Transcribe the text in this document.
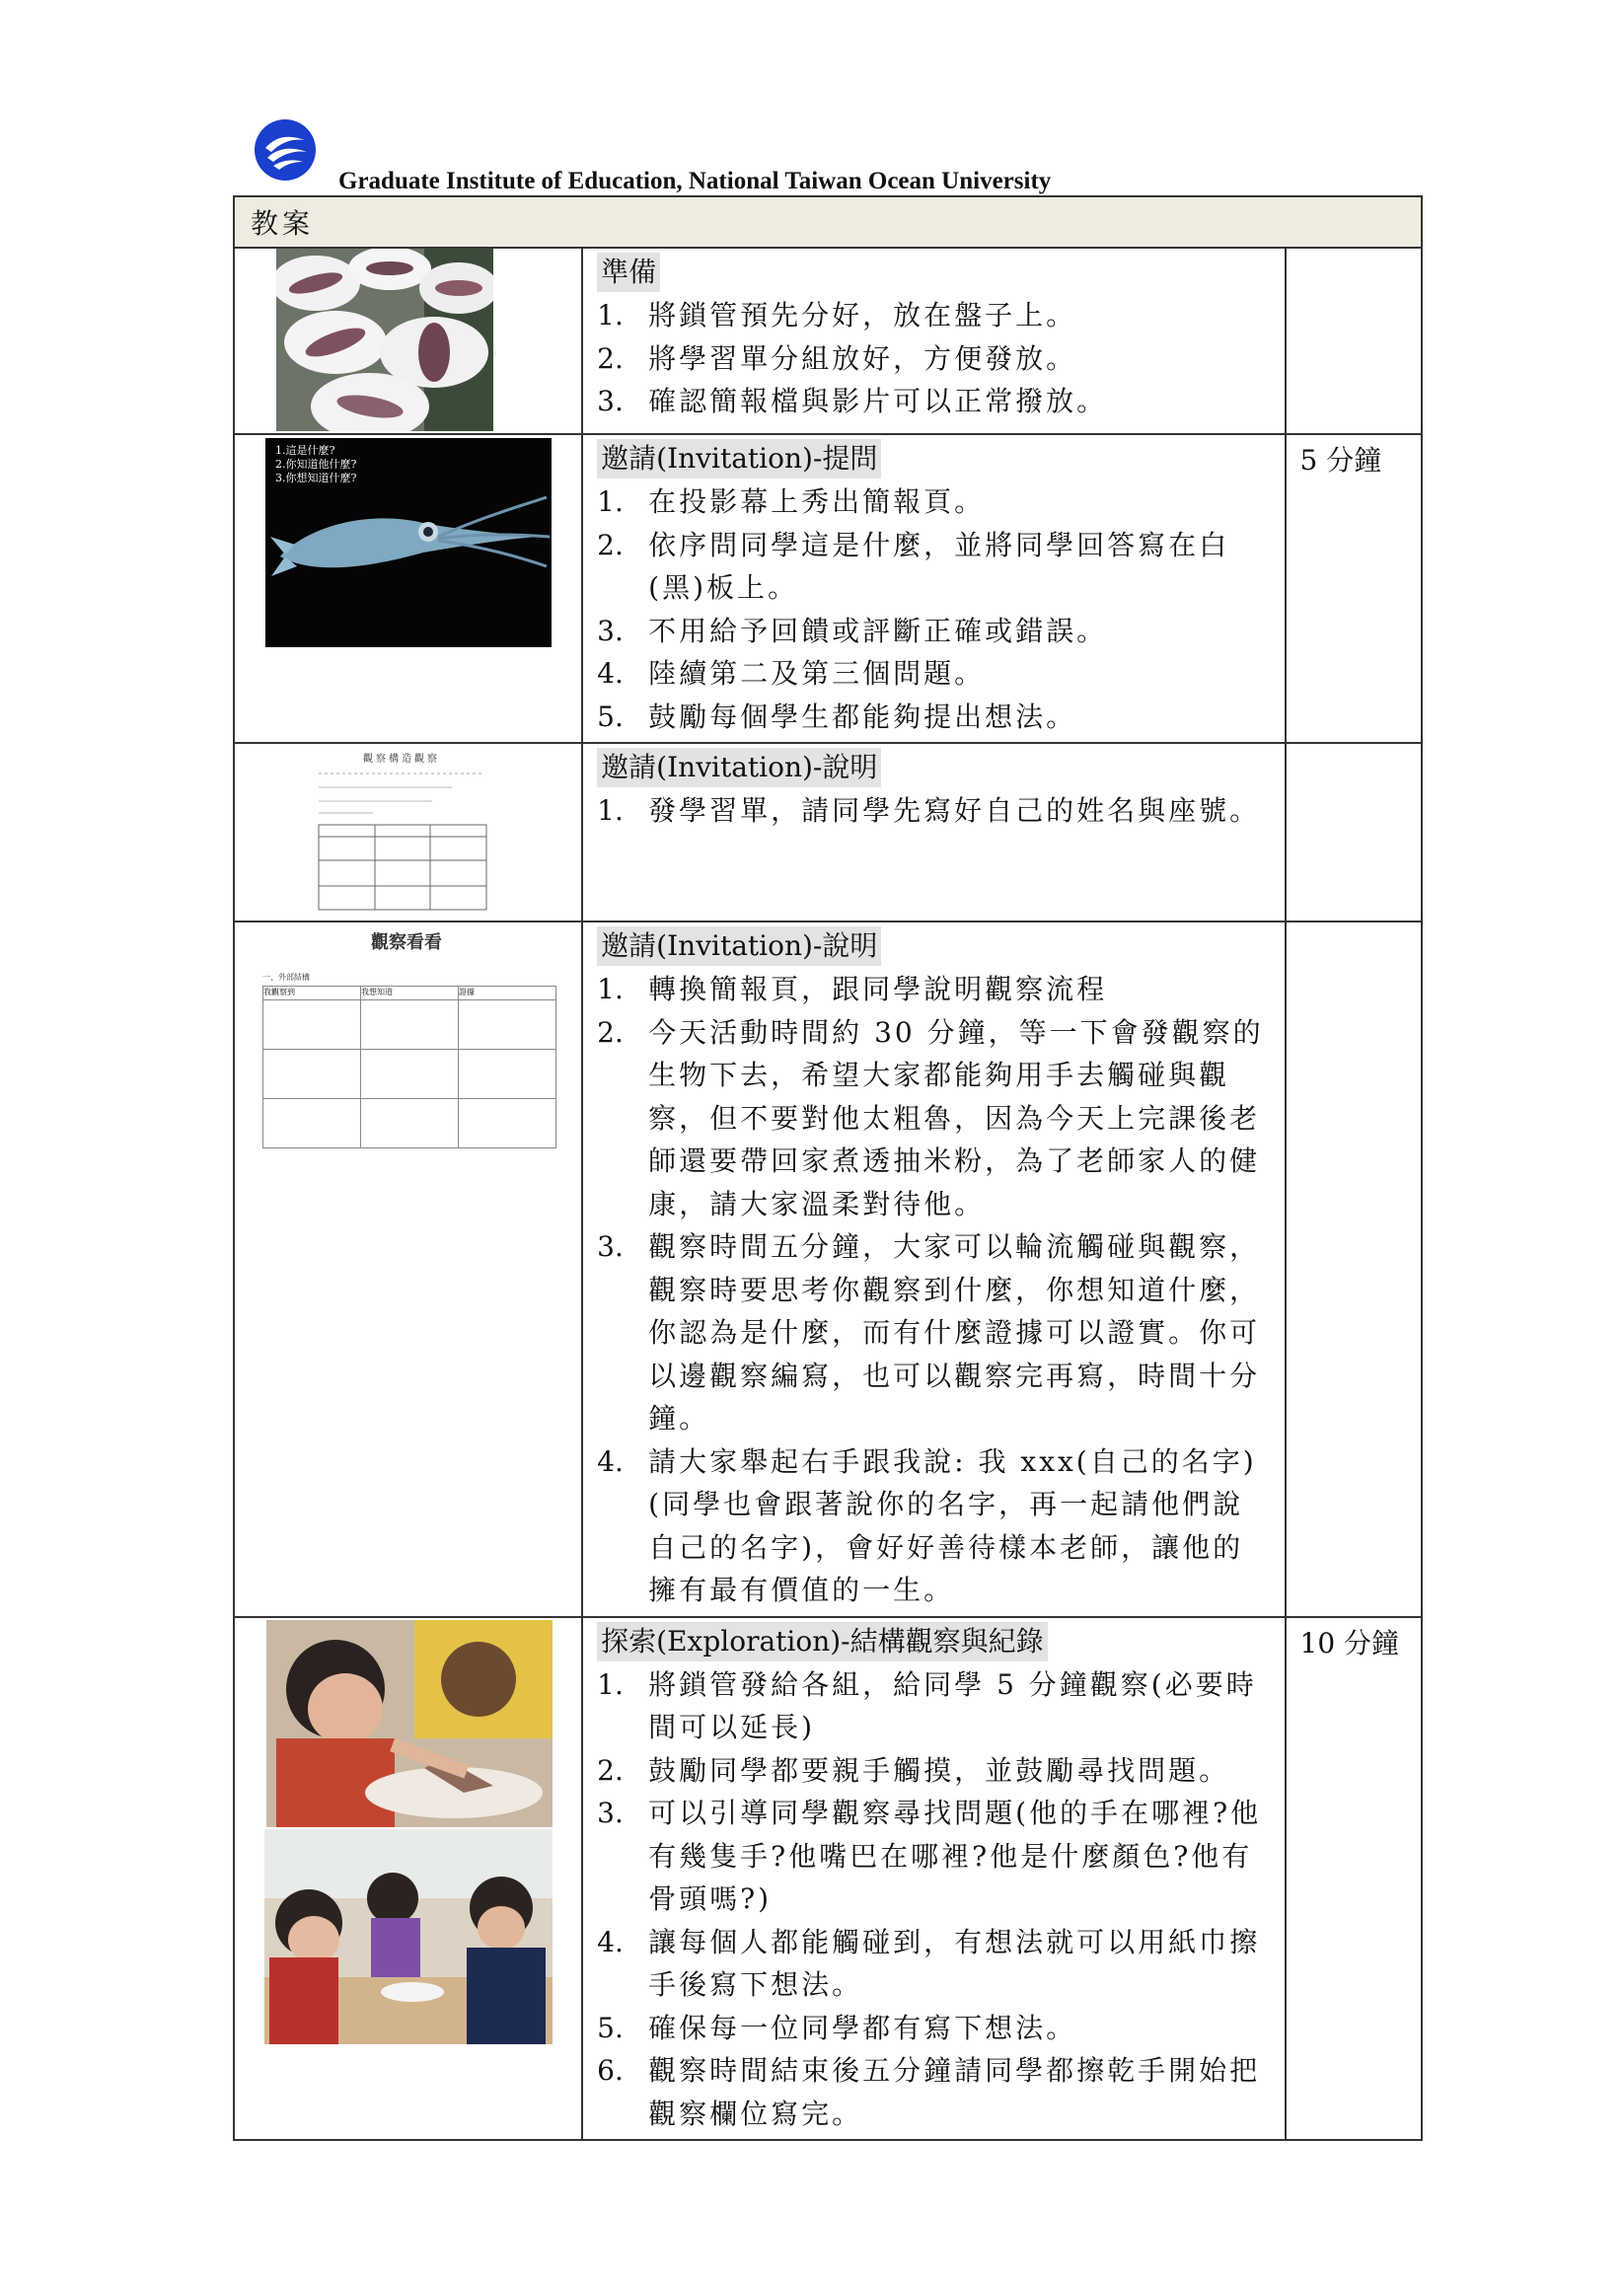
Graduate Institute of Education, National Taiwan Ocean University
教案

	準備
1. 將鎖管預先分好，放在盤子上。
2. 將學習單分組放好，方便發放。
3. 確認簡報檔與影片可以正常撥放。

1.這是什麼?
2.你知道他什麼?
3.你想知道什麼?
	邀請(Invitation)-提問
1. 在投影幕上秀出簡報頁。
2. 依序問同學這是什麼，並將同學回答寫在白(黑)板上。
3. 不用給予回饋或評斷正確或錯誤。
4. 陸續第二及第三個問題。
5. 鼓勵每個學生都能夠提出想法。
	5 分鐘

觀察構造觀察	邀請(Invitation)-說明
1. 發學習單，請同學先寫好自己的姓名與座號。

觀察看看
一、外部結構
我觀察到	我想知道	證據

	邀請(Invitation)-說明
1. 轉換簡報頁，跟同學說明觀察流程
2. 今天活動時間約 30 分鐘，等一下會發觀察的生物下去，希望大家都能夠用手去觸碰與觀察，但不要對他太粗魯，因為今天上完課後老師還要帶回家煮透抽米粉，為了老師家人的健康，請大家溫柔對待他。
3. 觀察時間五分鐘，大家可以輪流觸碰與觀察，觀察時要思考你觀察到什麼，你想知道什麼，你認為是什麼，而有什麼證據可以證實。你可以邊觀察編寫，也可以觀察完再寫，時間十分鐘。
4. 請大家舉起右手跟我說: 我 xxx(自己的名字)(同學也會跟著說你的名字，再一起請他們說自己的名字)，會好好善待樣本老師，讓他的擁有最有價值的一生。

	探索(Exploration)-結構觀察與紀錄
1. 將鎖管發給各組，給同學 5 分鐘觀察(必要時間可以延長)
2. 鼓勵同學都要親手觸摸，並鼓勵尋找問題。
3. 可以引導同學觀察尋找問題(他的手在哪裡?他有幾隻手?他嘴巴在哪裡?他是什麼顏色?他有骨頭嗎?)
4. 讓每個人都能觸碰到，有想法就可以用紙巾擦手後寫下想法。
5. 確保每一位同學都有寫下想法。
6. 觀察時間結束後五分鐘請同學都擦乾手開始把觀察欄位寫完。
	10 分鐘
